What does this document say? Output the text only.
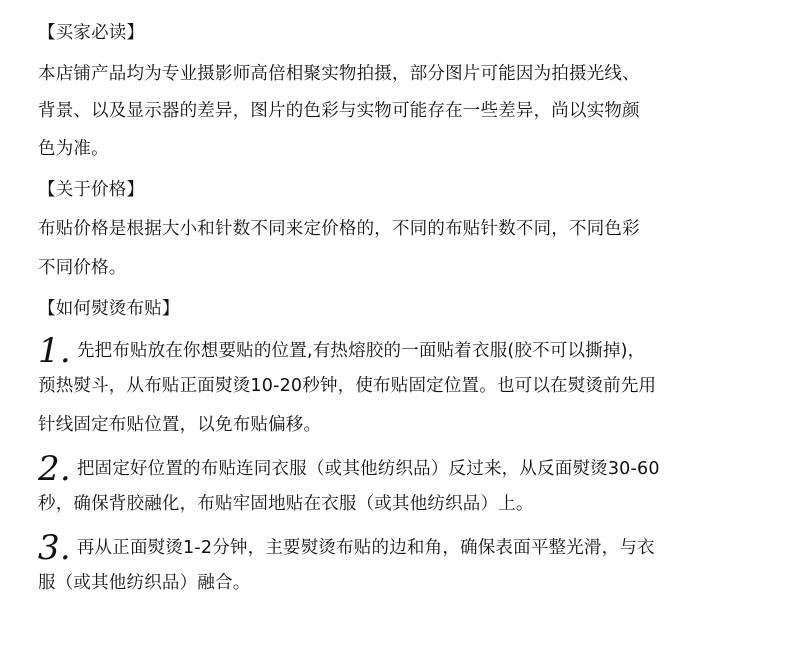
【买家必读】
本店铺产品均为专业摄影师高倍相聚实物拍摄，部分图片可能因为拍摄光线、
背景、以及显示器的差异，图片的色彩与实物可能存在一些差异，尚以实物颜
色为准。
【关于价格】
布贴价格是根据大小和针数不同来定价格的，不同的布贴针数不同，不同色彩
不同价格。
【如何熨烫布贴】
1. 先把布贴放在你想要贴的位置,有热熔胶的一面贴着衣服(胶不可以撕掉)，
预热熨斗，从布贴正面熨烫10-20秒钟，使布贴固定位置。也可以在熨烫前先用
针线固定布贴位置，以免布贴偏移。
2. 把固定好位置的布贴连同衣服（或其他纺织品）反过来，从反面熨烫30-60
秒，确保背胶融化，布贴牢固地贴在衣服（或其他纺织品）上。
3. 再从正面熨烫1-2分钟，主要熨烫布贴的边和角，确保表面平整光滑，与衣
服（或其他纺织品）融合。
